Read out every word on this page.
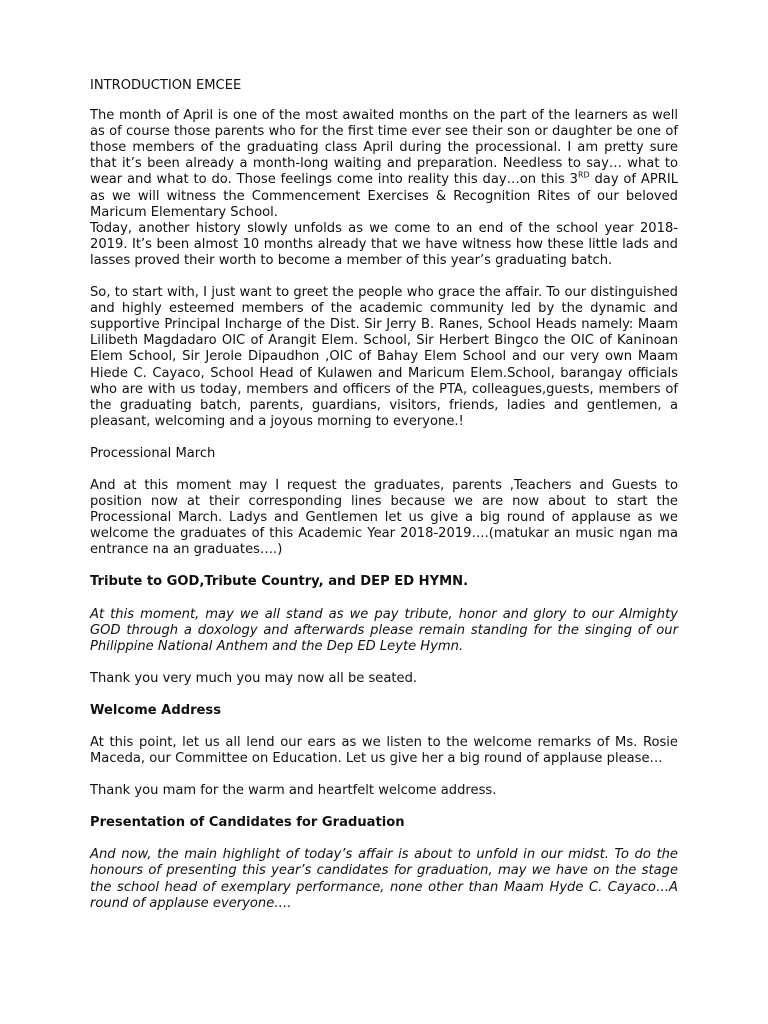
INTRODUCTION EMCEE

The month of April is one of the most awaited months on the part of the learners as well as of course those parents who for the first time ever see their son or daughter be one of those members of the graduating class April during the processional. I am pretty sure that it’s been already a month-long waiting and preparation. Needless to say… what to wear and what to do. Those feelings come into reality this day…on this 3RD day of APRIL as we will witness the Commencement Exercises & Recognition Rites of our beloved Maricum Elementary School.

Today, another history slowly unfolds as we come to an end of the school year 2018-2019. It’s been almost 10 months already that we have witness how these little lads and lasses proved their worth to become a member of this year’s graduating batch.

So, to start with, I just want to greet the people who grace the affair. To our distinguished and highly esteemed members of the academic community led by the dynamic and supportive Principal Incharge of the Dist. Sir Jerry B. Ranes, School Heads namely: Maam Lilibeth Magdadaro OIC of Arangit Elem. School, Sir Herbert Bingco the OIC of Kaninoan Elem School, Sir Jerole Dipaudhon ,OIC of Bahay Elem School and our very own Maam Hiede C. Cayaco, School Head of Kulawen and Maricum Elem.School, barangay officials who are with us today, members and officers of the PTA, colleagues,guests, members of the graduating batch, parents, guardians, visitors, friends, ladies and gentlemen, a pleasant, welcoming and a joyous morning to everyone.!

Processional March

And at this moment may I request the graduates, parents ,Teachers and Guests to position now at their corresponding lines because we are now about to start the Processional March. Ladys and Gentlemen let us give a big round of applause as we welcome the graduates of this Academic Year 2018-2019….(matukar an music ngan ma entrance na an graduates….)

Tribute to GOD,Tribute Country, and DEP ED HYMN.

At this moment, may we all stand as we pay tribute, honor and glory to our Almighty GOD through a doxology and afterwards please remain standing for the singing of our Philippine National Anthem and the Dep ED Leyte Hymn.

Thank you very much you may now all be seated.

Welcome Address

At this point, let us all lend our ears as we listen to the welcome remarks of Ms. Rosie Maceda, our Committee on Education. Let us give her a big round of applause please…

Thank you mam for the warm and heartfelt welcome address.

Presentation of Candidates for Graduation

And now, the main highlight of today’s affair is about to unfold in our midst. To do the honours of presenting this year’s candidates for graduation, may we have on the stage the school head of exemplary performance, none other than Maam Hyde C. Cayaco…A round of applause everyone….
